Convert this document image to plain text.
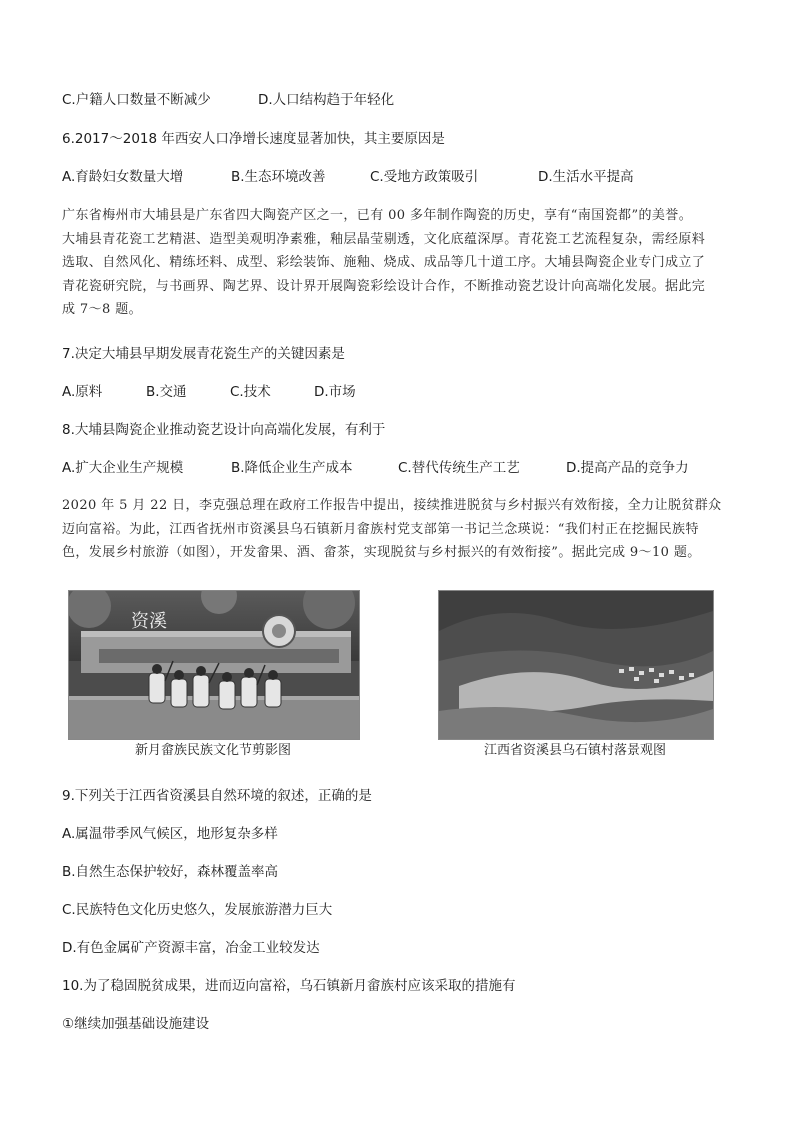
C.户籍人口数量不断减少	D.人口结构趋于年轻化
6.2017～2018 年西安人口净增长速度显著加快，其主要原因是
A.育龄妇女数量大增	B.生态环境改善	C.受地方政策吸引	D.生活水平提高
广东省梅州市大埔县是广东省四大陶瓷产区之一，已有 00 多年制作陶瓷的历史，享有“南国瓷都”的美誉。
大埔县青花瓷工艺精湛、造型美观明净素雅，釉层晶莹剔透，文化底蕴深厚。青花瓷工艺流程复杂，需经原料
选取、自然风化、精练坯料、成型、彩绘装饰、施釉、烧成、成品等几十道工序。大埔县陶瓷企业专门成立了
青花瓷研究院，与书画界、陶艺界、设计界开展陶瓷彩绘设计合作，不断推动瓷艺设计向高端化发展。据此完
成 7～8 题。
7.决定大埔县早期发展青花瓷生产的关键因素是
A.原料	B.交通	C.技术	D.市场
8.大埔县陶瓷企业推动瓷艺设计向高端化发展，有利于
A.扩大企业生产规模	B.降低企业生产成本	C.替代传统生产工艺	D.提高产品的竞争力
2020 年 5 月 22 日，李克强总理在政府工作报告中提出，接续推进脱贫与乡村振兴有效衔接，全力让脱贫群众
迈向富裕。为此，江西省抚州市资溪县乌石镇新月畲族村党支部第一书记兰念瑛说：“我们村正在挖掘民族特
色，发展乡村旅游（如图），开发畲果、酒、畲茶，实现脱贫与乡村振兴的有效衔接”。据此完成 9～10 题。
资溪
新月畲族民族文化节剪影图	江西省资溪县乌石镇村落景观图
9.下列关于江西省资溪县自然环境的叙述，正确的是
A.属温带季风气候区，地形复杂多样
B.自然生态保护较好，森林覆盖率高
C.民族特色文化历史悠久，发展旅游潜力巨大
D.有色金属矿产资源丰富，冶金工业较发达
10.为了稳固脱贫成果，进而迈向富裕，乌石镇新月畲族村应该采取的措施有
①继续加强基础设施建设
